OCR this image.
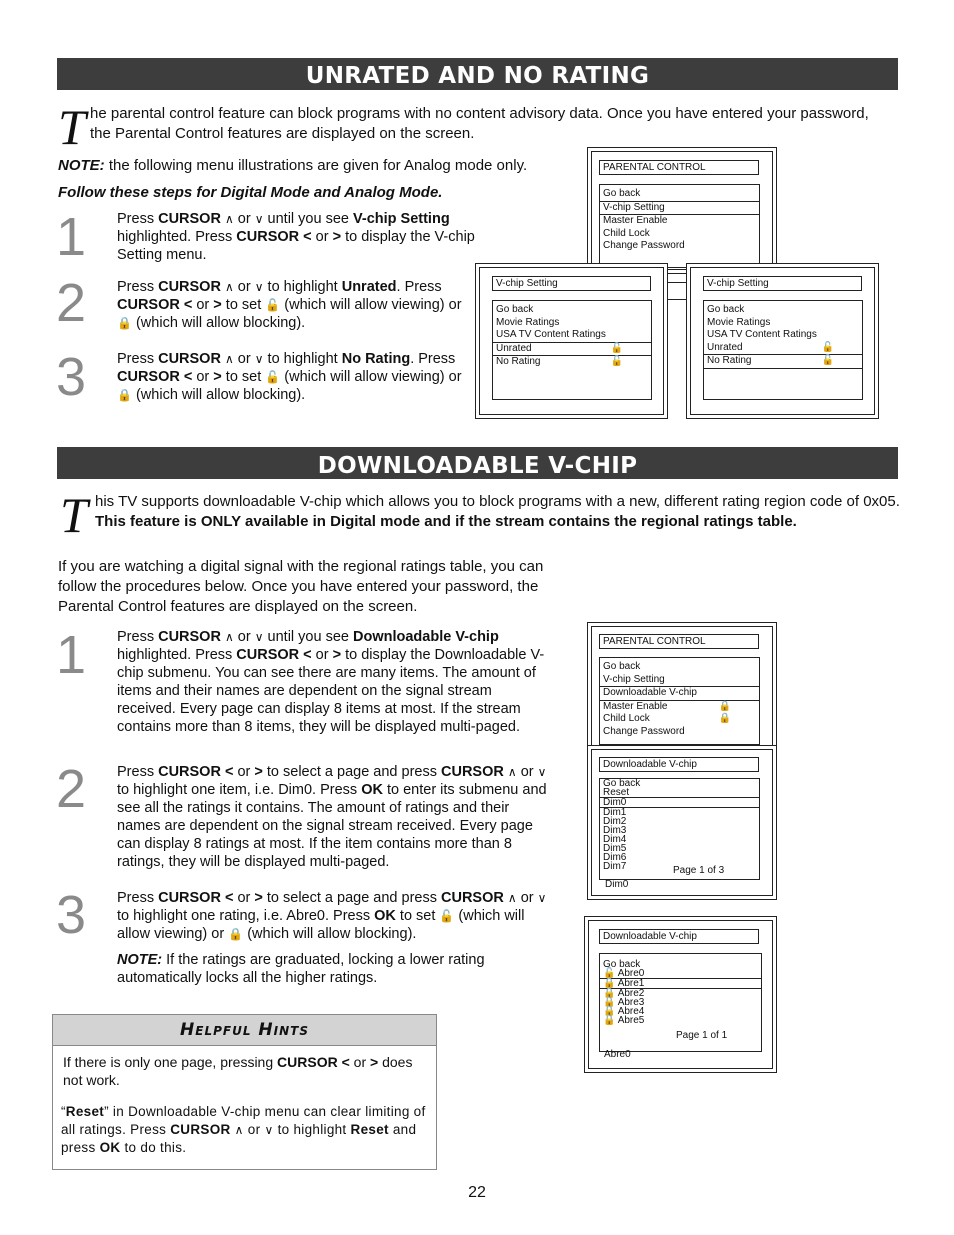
UNRATED AND NO RATING
T he parental control feature can block programs with no content advisory data. Once you have entered your password, the Parental Control features are displayed on the screen.
NOTE: the following menu illustrations are given for Analog mode only.
Follow these steps for Digital Mode and Analog Mode.
1 Press CURSOR ∧ or ∨ until you see V-chip Setting highlighted. Press CURSOR < or > to display the V-chip Setting menu.
2 Press CURSOR ∧ or ∨ to highlight Unrated. Press CURSOR < or > to set 🔓 (which will allow viewing) or 🔒 (which will allow blocking).
3 Press CURSOR ∧ or ∨ to highlight No Rating. Press CURSOR < or > to set 🔓 (which will allow viewing) or 🔒 (which will allow blocking).
PARENTAL CONTROL
Go back
V-chip Setting
Master Enable
Child Lock
Change Password
V-chip Setting
Go back
Movie Ratings
USA TV Content Ratings
Unrated	🔓
No Rating	🔓
V-chip Setting
Go back
Movie Ratings
USA TV Content Ratings
Unrated	🔓
No Rating	🔓
DOWNLOADABLE V-CHIP
T his TV supports downloadable V-chip which allows you to block programs with a new, different rating region code of 0x05. This feature is ONLY available in Digital mode and if the stream contains the regional ratings table.
If you are watching a digital signal with the regional ratings table, you can follow the procedures below. Once you have entered your password, the Parental Control features are displayed on the screen.
1 Press CURSOR ∧ or ∨ until you see Downloadable V-chip highlighted. Press CURSOR < or > to display the Downloadable V-chip submenu. You can see there are many items. The amount of items and their names are dependent on the signal stream received. Every page can display 8 items at most. If the stream contains more than 8 items, they will be displayed multi-paged.
2 Press CURSOR < or > to select a page and press CURSOR ∧ or ∨ to highlight one item, i.e. Dim0. Press OK to enter its submenu and see all the ratings it contains. The amount of ratings and their names are dependent on the signal stream received. Every page can display 8 ratings at most. If the item contains more than 8 ratings, they will be displayed multi-paged.
3 Press CURSOR < or > to select a page and press CURSOR ∧ or ∨ to highlight one rating, i.e. Abre0. Press OK to set 🔓 (which will allow viewing) or 🔒 (which will allow blocking).
NOTE: If the ratings are graduated, locking a lower rating automatically locks all the higher ratings.
PARENTAL CONTROL
Go back
V-chip Setting
Downloadable V-chip
Master Enable	🔒
Child Lock	🔒
Change Password
Downloadable V-chip
Go back
Reset
Dim0
Dim1
Dim2
Dim3
Dim4
Dim5
Dim6
Dim7	Page 1 of 3
Dim0
Downloadable V-chip
Go back
🔓 Abre0
🔒 Abre1
🔒 Abre2
🔒 Abre3
🔒 Abre4
🔒 Abre5
Page 1 of 1
Abre0
Helpful Hints
If there is only one page, pressing CURSOR < or > does not work.
“Reset” in Downloadable V-chip menu can clear limiting of all ratings. Press CURSOR ∧ or ∨ to highlight Reset and press OK to do this.
22
